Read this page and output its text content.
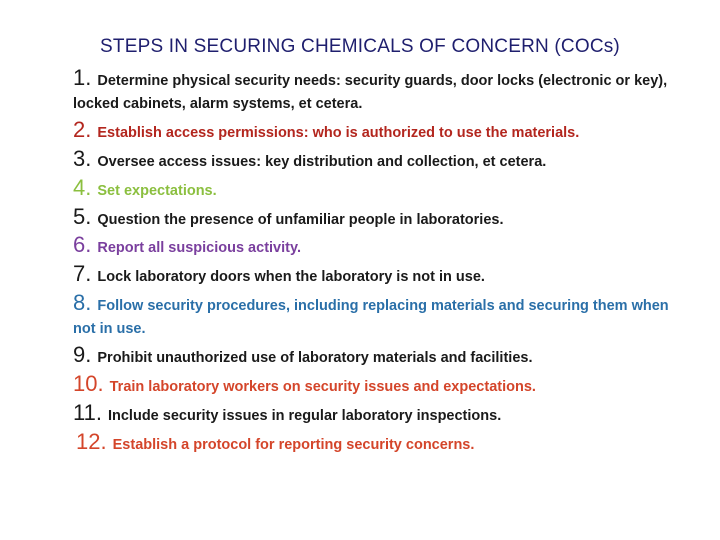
STEPS IN SECURING CHEMICALS OF CONCERN (COCs)
1. Determine physical security needs: security guards, door locks (electronic or key), locked cabinets, alarm systems, et cetera.
2. Establish access permissions: who is authorized to use the materials.
3. Oversee access issues: key distribution and collection, et cetera.
4. Set expectations.
5. Question the presence of unfamiliar people in laboratories.
6. Report all suspicious activity.
7. Lock laboratory doors when the laboratory is not in use.
8. Follow security procedures, including replacing materials and securing them when not in use.
9. Prohibit unauthorized use of laboratory materials and facilities.
10. Train laboratory workers on security issues and expectations.
11. Include security issues in regular laboratory inspections.
12. Establish a protocol for reporting security concerns.
